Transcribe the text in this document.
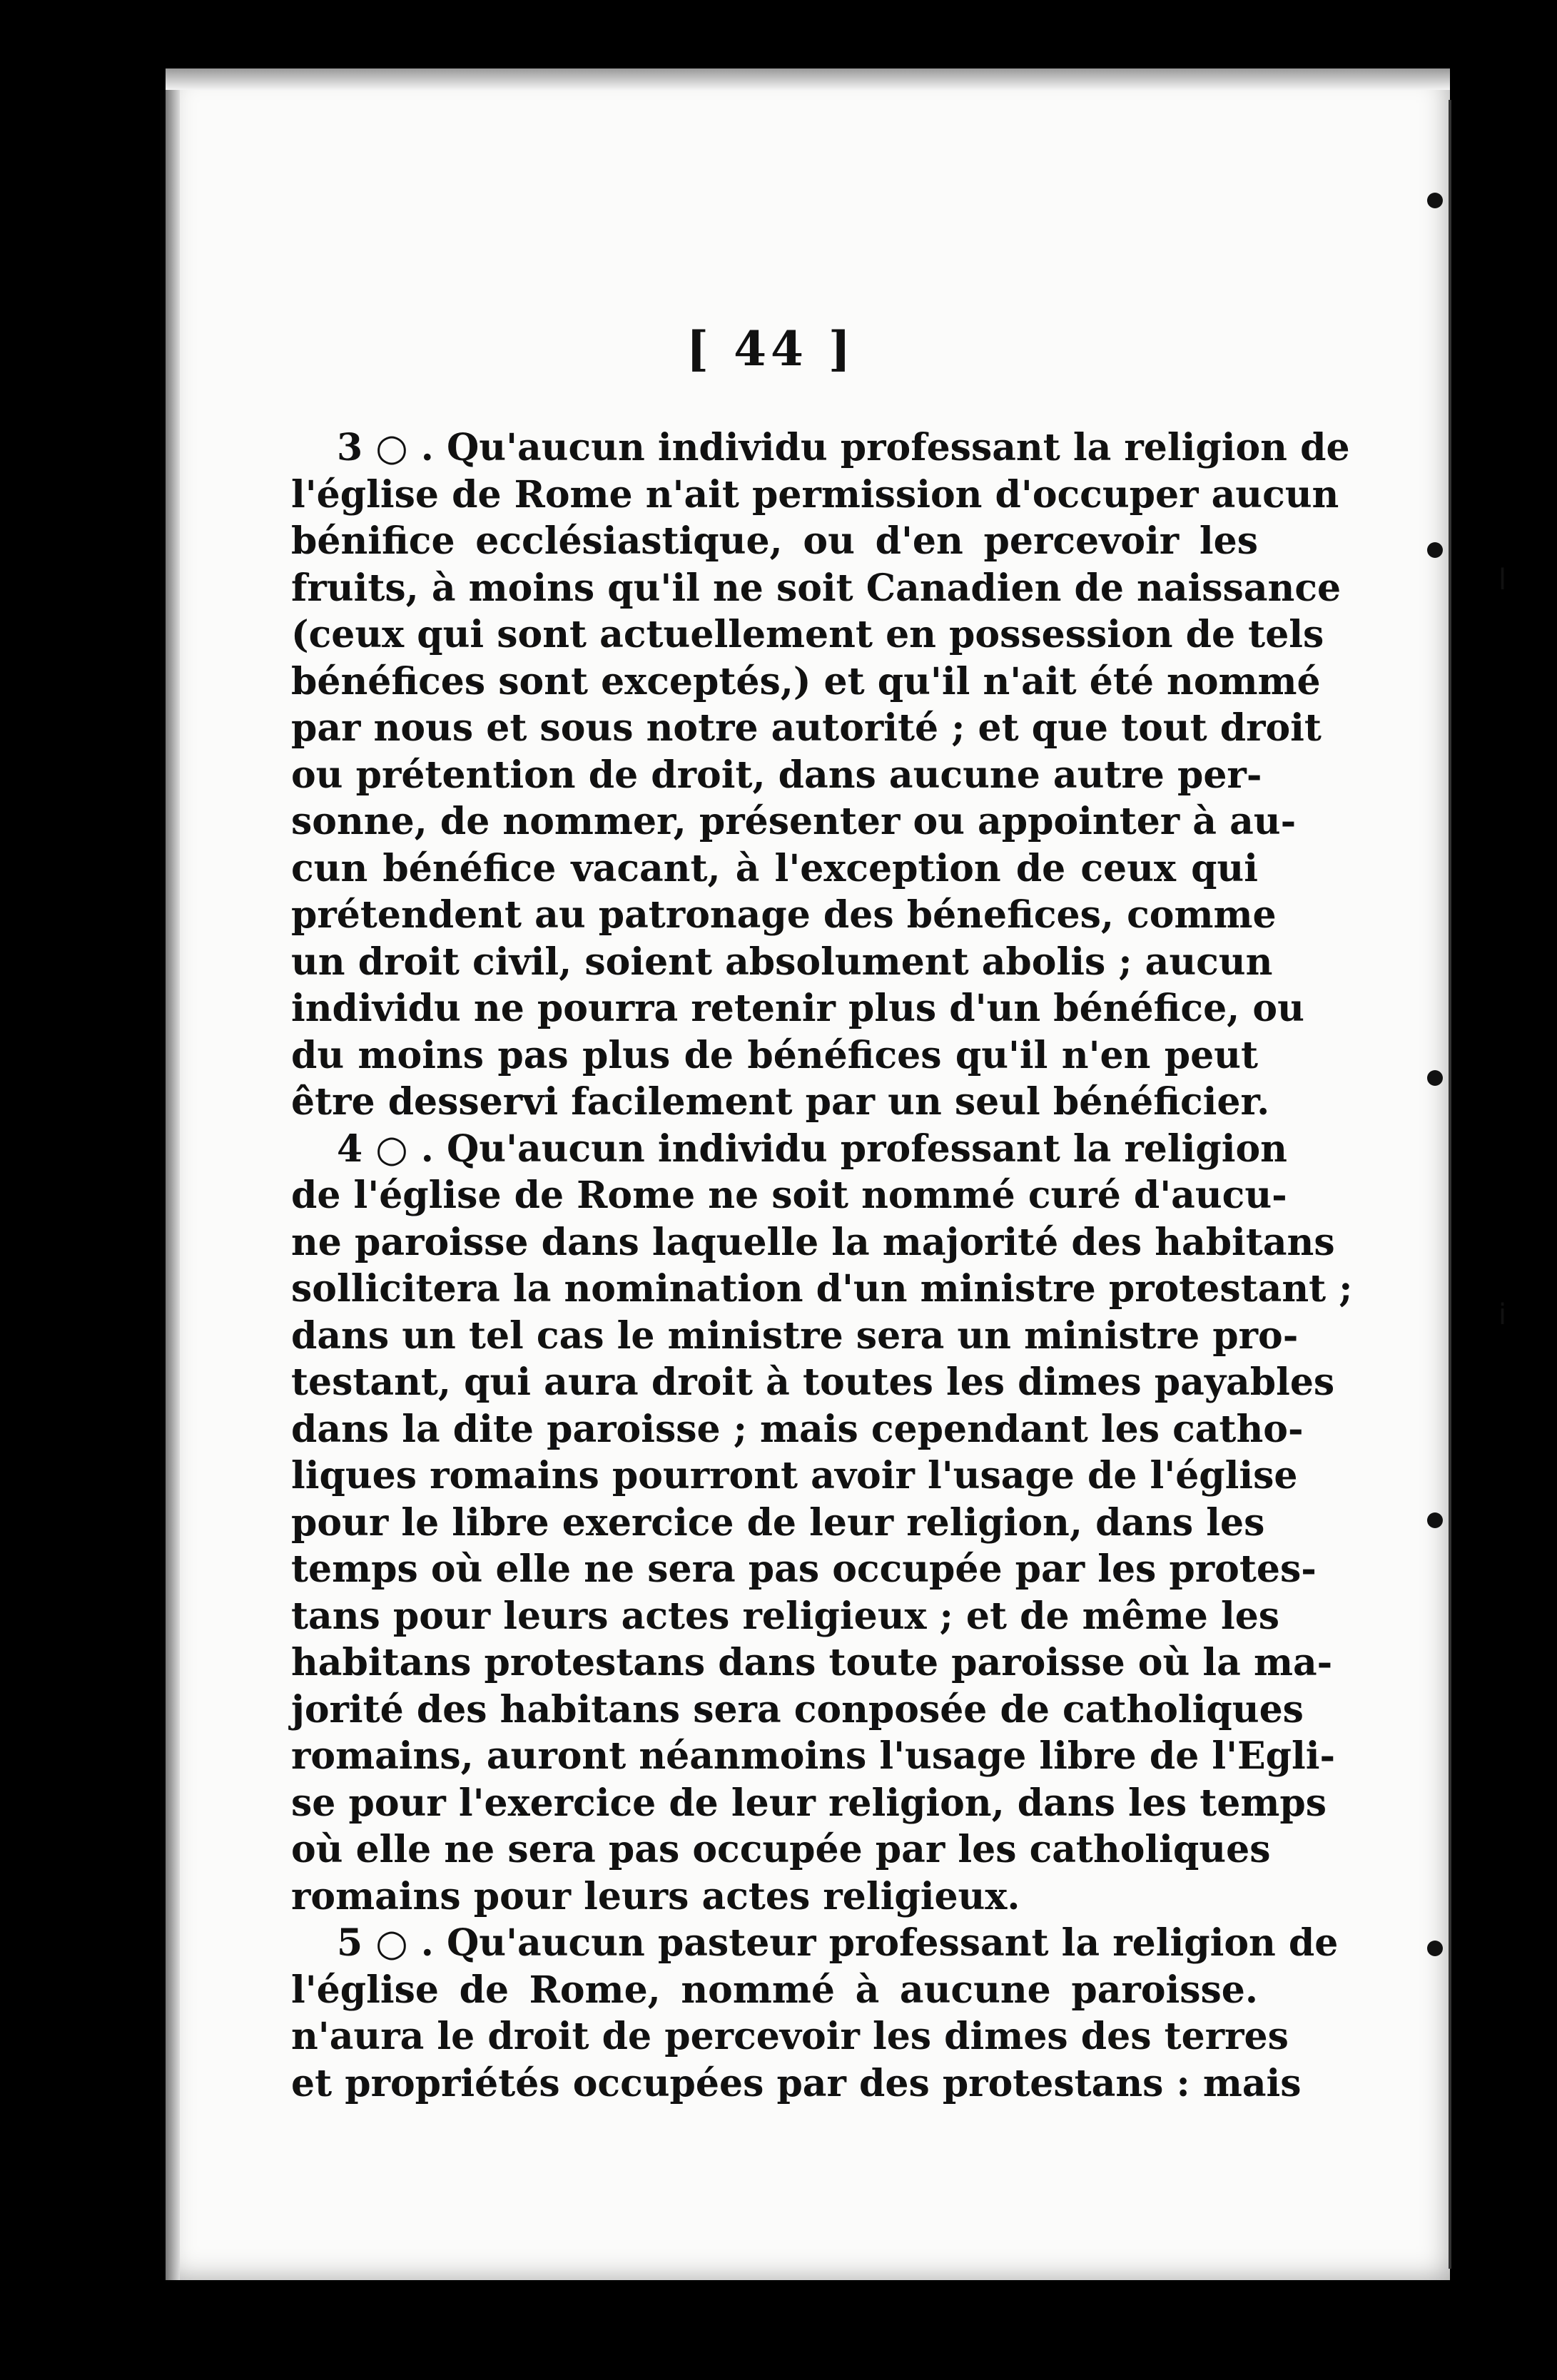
l
i
[ 44 ]
3 ○ . Qu'aucun individu professant la religion de
l'église de Rome n'ait permission d'occuper aucun
bénifice ecclésiastique, ou d'en percevoir les
fruits, à moins qu'il ne soit Canadien de naissance
(ceux qui sont actuellement en possession de tels
bénéfices sont exceptés,) et qu'il n'ait été nommé
par nous et sous notre autorité ; et que tout droit
ou prétention de droit, dans aucune autre per-
sonne, de nommer, présenter ou appointer à au-
cun bénéfice vacant, à l'exception de ceux qui
prétendent au patronage des bénefices, comme
un droit civil, soient absolument abolis ; aucun
individu ne pourra retenir plus d'un bénéfice, ou
du moins pas plus de bénéfices qu'il n'en peut
être desservi facilement par un seul bénéficier.
4 ○ . Qu'aucun individu professant la religion
de l'église de Rome ne soit nommé curé d'aucu-
ne paroisse dans laquelle la majorité des habitans
sollicitera la nomination d'un ministre protestant ;
dans un tel cas le ministre sera un ministre pro-
testant, qui aura droit à toutes les dimes payables
dans la dite paroisse ; mais cependant les catho-
liques romains pourront avoir l'usage de l'église
pour le libre exercice de leur religion, dans les
temps où elle ne sera pas occupée par les protes-
tans pour leurs actes religieux ; et de même les
habitans protestans dans toute paroisse où la ma-
jorité des habitans sera conposée de catholiques
romains, auront néanmoins l'usage libre de l'Egli-
se pour l'exercice de leur religion, dans les temps
où elle ne sera pas occupée par les catholiques
romains pour leurs actes religieux.
5 ○ . Qu'aucun pasteur professant la religion de
l'église de Rome, nommé à aucune paroisse.
n'aura le droit de percevoir les dimes des terres
et propriétés occupées par des protestans : mais
